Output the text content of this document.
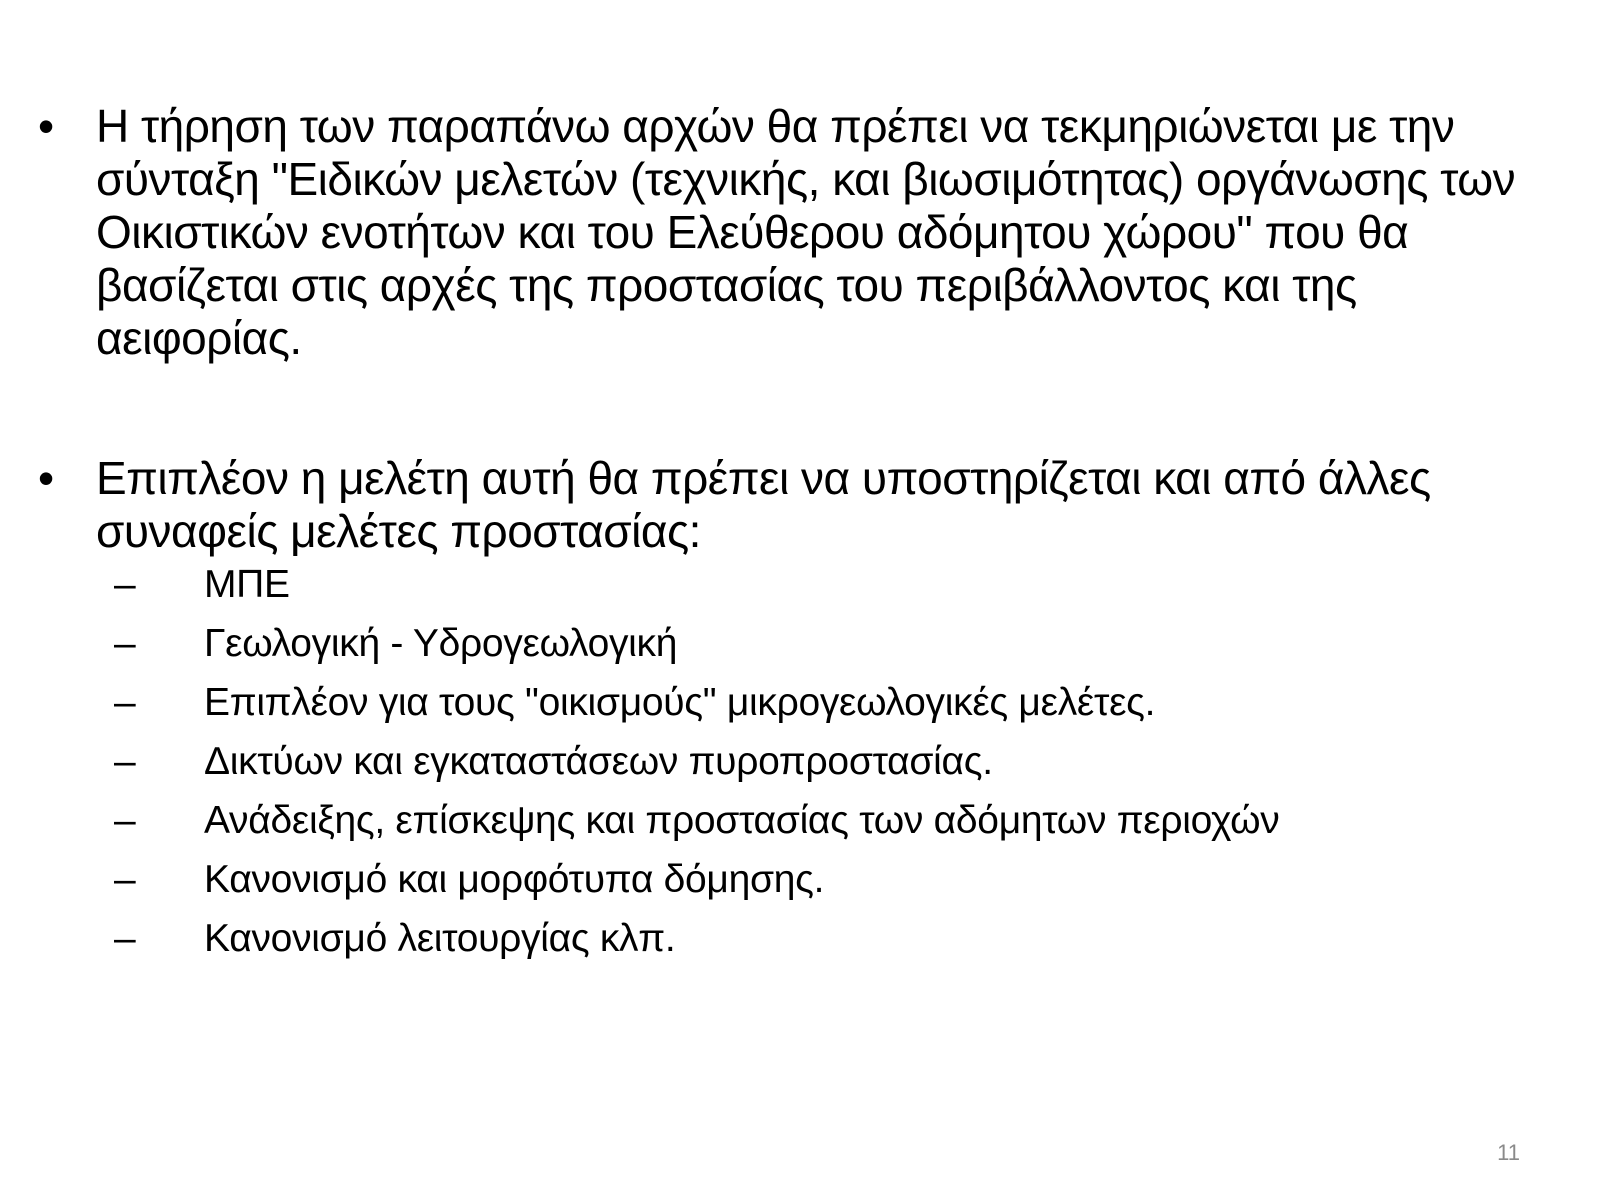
• Η τήρηση των παραπάνω αρχών θα πρέπει να τεκμηριώνεται με την σύνταξη "Ειδικών μελετών (τεχνικής, και βιωσιμότητας) οργάνωσης των Οικιστικών ενοτήτων και του Ελεύθερου αδόμητου χώρου" που θα βασίζεται στις αρχές της προστασίας του περιβάλλοντος και της αειφορίας.
• Επιπλέον η μελέτη αυτή θα πρέπει να υποστηρίζεται και από άλλες συναφείς μελέτες προστασίας:
–	ΜΠΕ
–	Γεωλογική - Υδρογεωλογική
–	Επιπλέον για τους "οικισμούς" μικρογεωλογικές μελέτες.
–	Δικτύων και εγκαταστάσεων πυροπροστασίας.
–	Ανάδειξης, επίσκεψης και προστασίας των αδόμητων περιοχών
–	Κανονισμό και μορφότυπα δόμησης.
–	Κανονισμό λειτουργίας κλπ.
11
